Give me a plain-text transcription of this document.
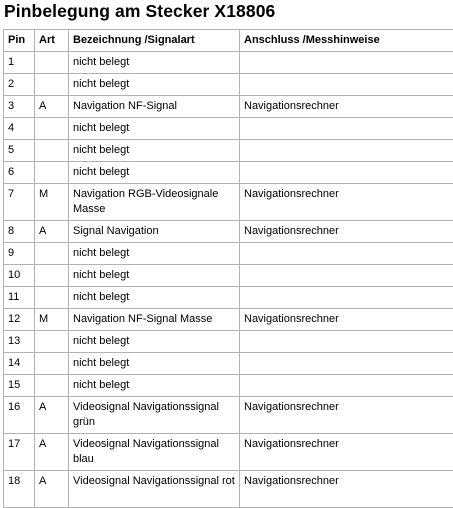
Pinbelegung am Stecker X18806
Pin	Art	Bezeichnung /Signalart	Anschluss /Messhinweise
1		nicht belegt	
2		nicht belegt	
3	A	Navigation NF-Signal	Navigationsrechner
4		nicht belegt	
5		nicht belegt	
6		nicht belegt	
7	M	Navigation RGB-Videosignale Masse	Navigationsrechner
8	A	Signal Navigation	Navigationsrechner
9		nicht belegt	
10		nicht belegt	
11		nicht belegt	
12	M	Navigation NF-Signal Masse	Navigationsrechner
13		nicht belegt	
14		nicht belegt	
15		nicht belegt	
16	A	Videosignal Navigationssignal grün	Navigationsrechner
17	A	Videosignal Navigationssignal blau	Navigationsrechner
18	A	Videosignal Navigationssignal rot	Navigationsrechner
